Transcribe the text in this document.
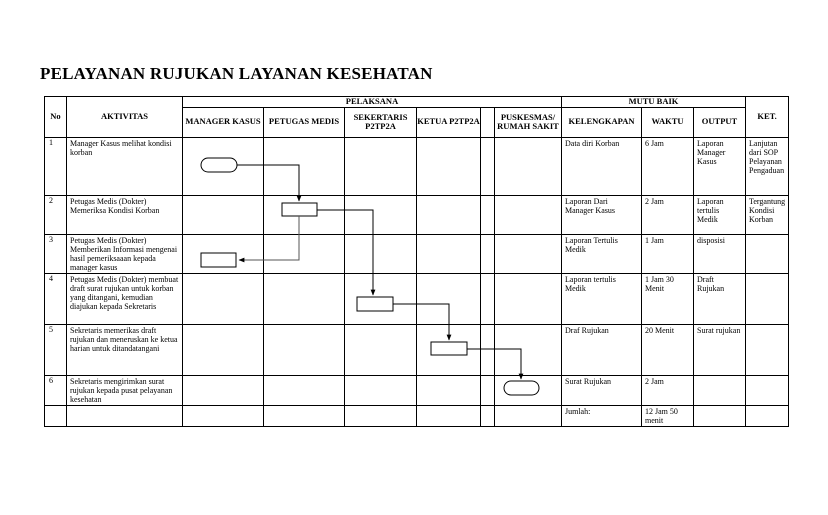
PELAYANAN RUJUKAN LAYANAN KESEHATAN
No	AKTIVITAS	PELAKSANA						MUTU BAIK			KET.
		MANAGER KASUS	PETUGAS MEDIS	SEKERTARIS P2TP2A	KETUA P2TP2A		PUSKESMAS/ RUMAH SAKIT	KELENGKAPAN	WAKTU	OUTPUT	
1	Manager Kasus melihat kondisi korban							Data diri Korban	6 Jam	Laporan Manager Kasus	Lanjutan dari SOP Pelayanan Pengaduan
2	Petugas Medis (Dokter) Memeriksa Kondisi Korban							Laporan Dari Manager Kasus	2 Jam	Laporan tertulis Medik	Tergantung Kondisi Korban
3	Petugas Medis (Dokter) Memberikan Informasi mengenai hasil pemeriksaaan kepada manager kasus							Laporan Tertulis Medik	1 Jam	disposisi	
4	Petugas Medis (Dokter) membuat draft surat rujukan untuk korban yang ditangani, kemudian diajukan kepada Sekretaris							Laporan tertulis Medik	1 Jam 30 Menit	Draft Rujukan	
5	Sekretaris memerikas draft rujukan dan meneruskan ke ketua harian untuk ditandatangani							Draf Rujukan	20 Menit	Surat rujukan	
6	Sekretaris mengirimkan surat rujukan kepada pusat pelayanan kesehatan							Surat Rujukan	2 Jam		
								Jumlah:	12 Jam 50 menit		
